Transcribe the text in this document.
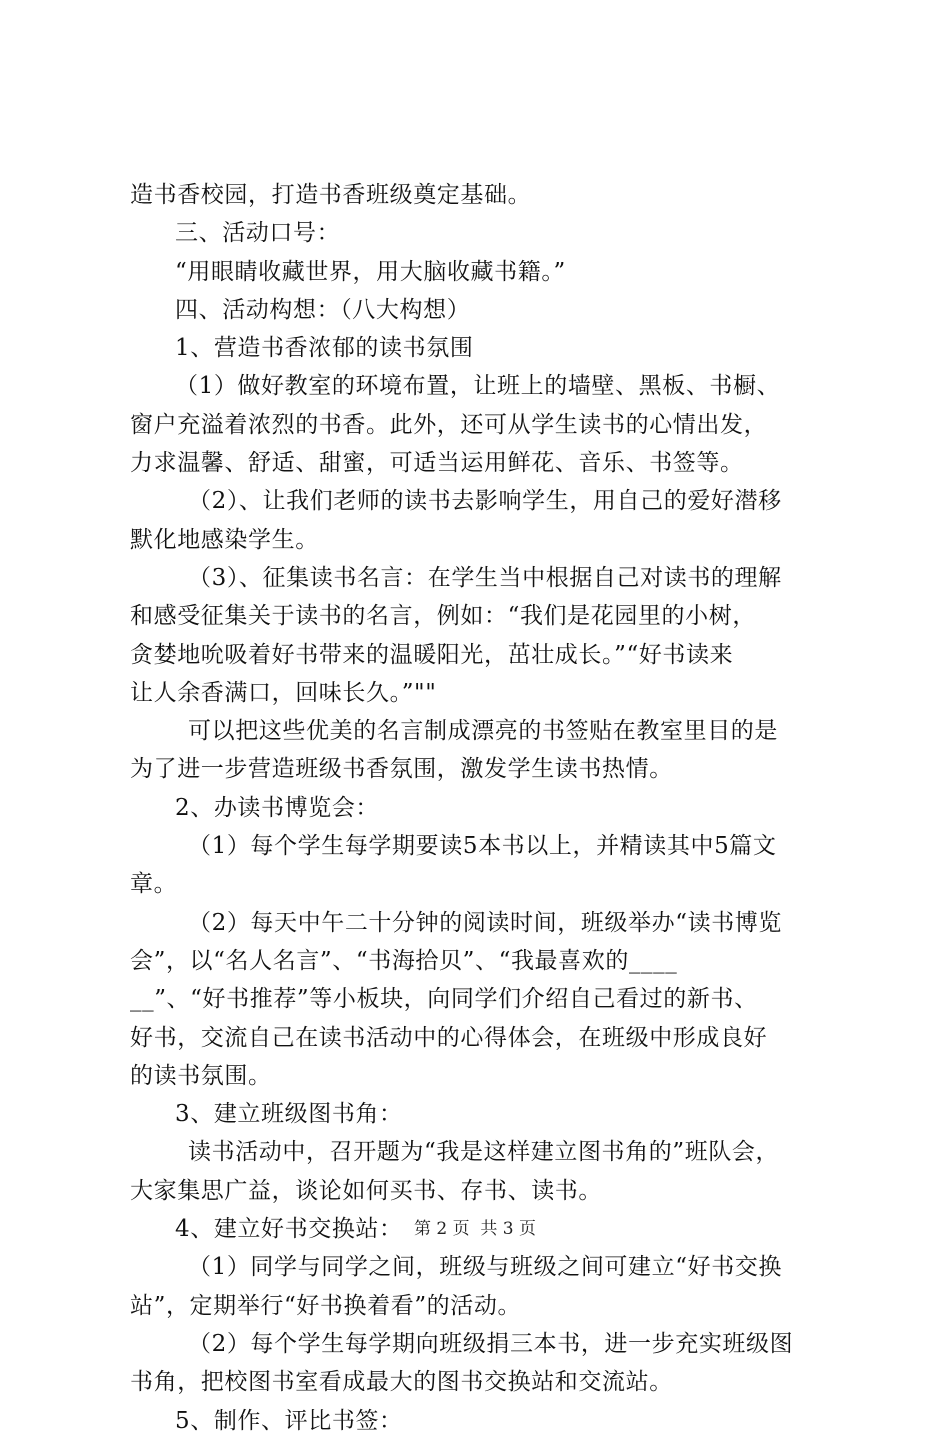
造书香校园，打造书香班级奠定基础。
三、活动口号：
“用眼睛收藏世界，用大脑收藏书籍。”
四、活动构想：（八大构想）
1、营造书香浓郁的读书氛围
（1）做好教室的环境布置，让班上的墙壁、黑板、书橱、
窗户充溢着浓烈的书香。此外，还可从学生读书的心情出发，
力求温馨、舒适、甜蜜，可适当运用鲜花、音乐、书签等。
（2）、让我们老师的读书去影响学生，用自己的爱好潜移
默化地感染学生。
（3）、征集读书名言：在学生当中根据自己对读书的理解
和感受征集关于读书的名言，例如：“我们是花园里的小树，
贪婪地吮吸着好书带来的温暖阳光，茁壮成长。”“好书读来
让人余香满口，回味长久。”""
可以把这些优美的名言制成漂亮的书签贴在教室里目的是
为了进一步营造班级书香氛围，激发学生读书热情。
2、办读书博览会：
（1）每个学生每学期要读5本书以上，并精读其中5篇文
章。
（2）每天中午二十分钟的阅读时间，班级举办“读书博览
会”，以“名人名言”、“书海拾贝”、“我最喜欢的____
__”、“好书推荐”等小板块，向同学们介绍自己看过的新书、
好书，交流自己在读书活动中的心得体会，在班级中形成良好
的读书氛围。
3、建立班级图书角：
读书活动中，召开题为“我是这样建立图书角的”班队会，
大家集思广益，谈论如何买书、存书、读书。
4、建立好书交换站：
（1）同学与同学之间，班级与班级之间可建立“好书交换
站”，定期举行“好书换着看”的活动。
（2）每个学生每学期向班级捐三本书，进一步充实班级图
书角，把校图书室看成最大的图书交换站和交流站。
5、制作、评比书签：
第 2 页  共 3 页
